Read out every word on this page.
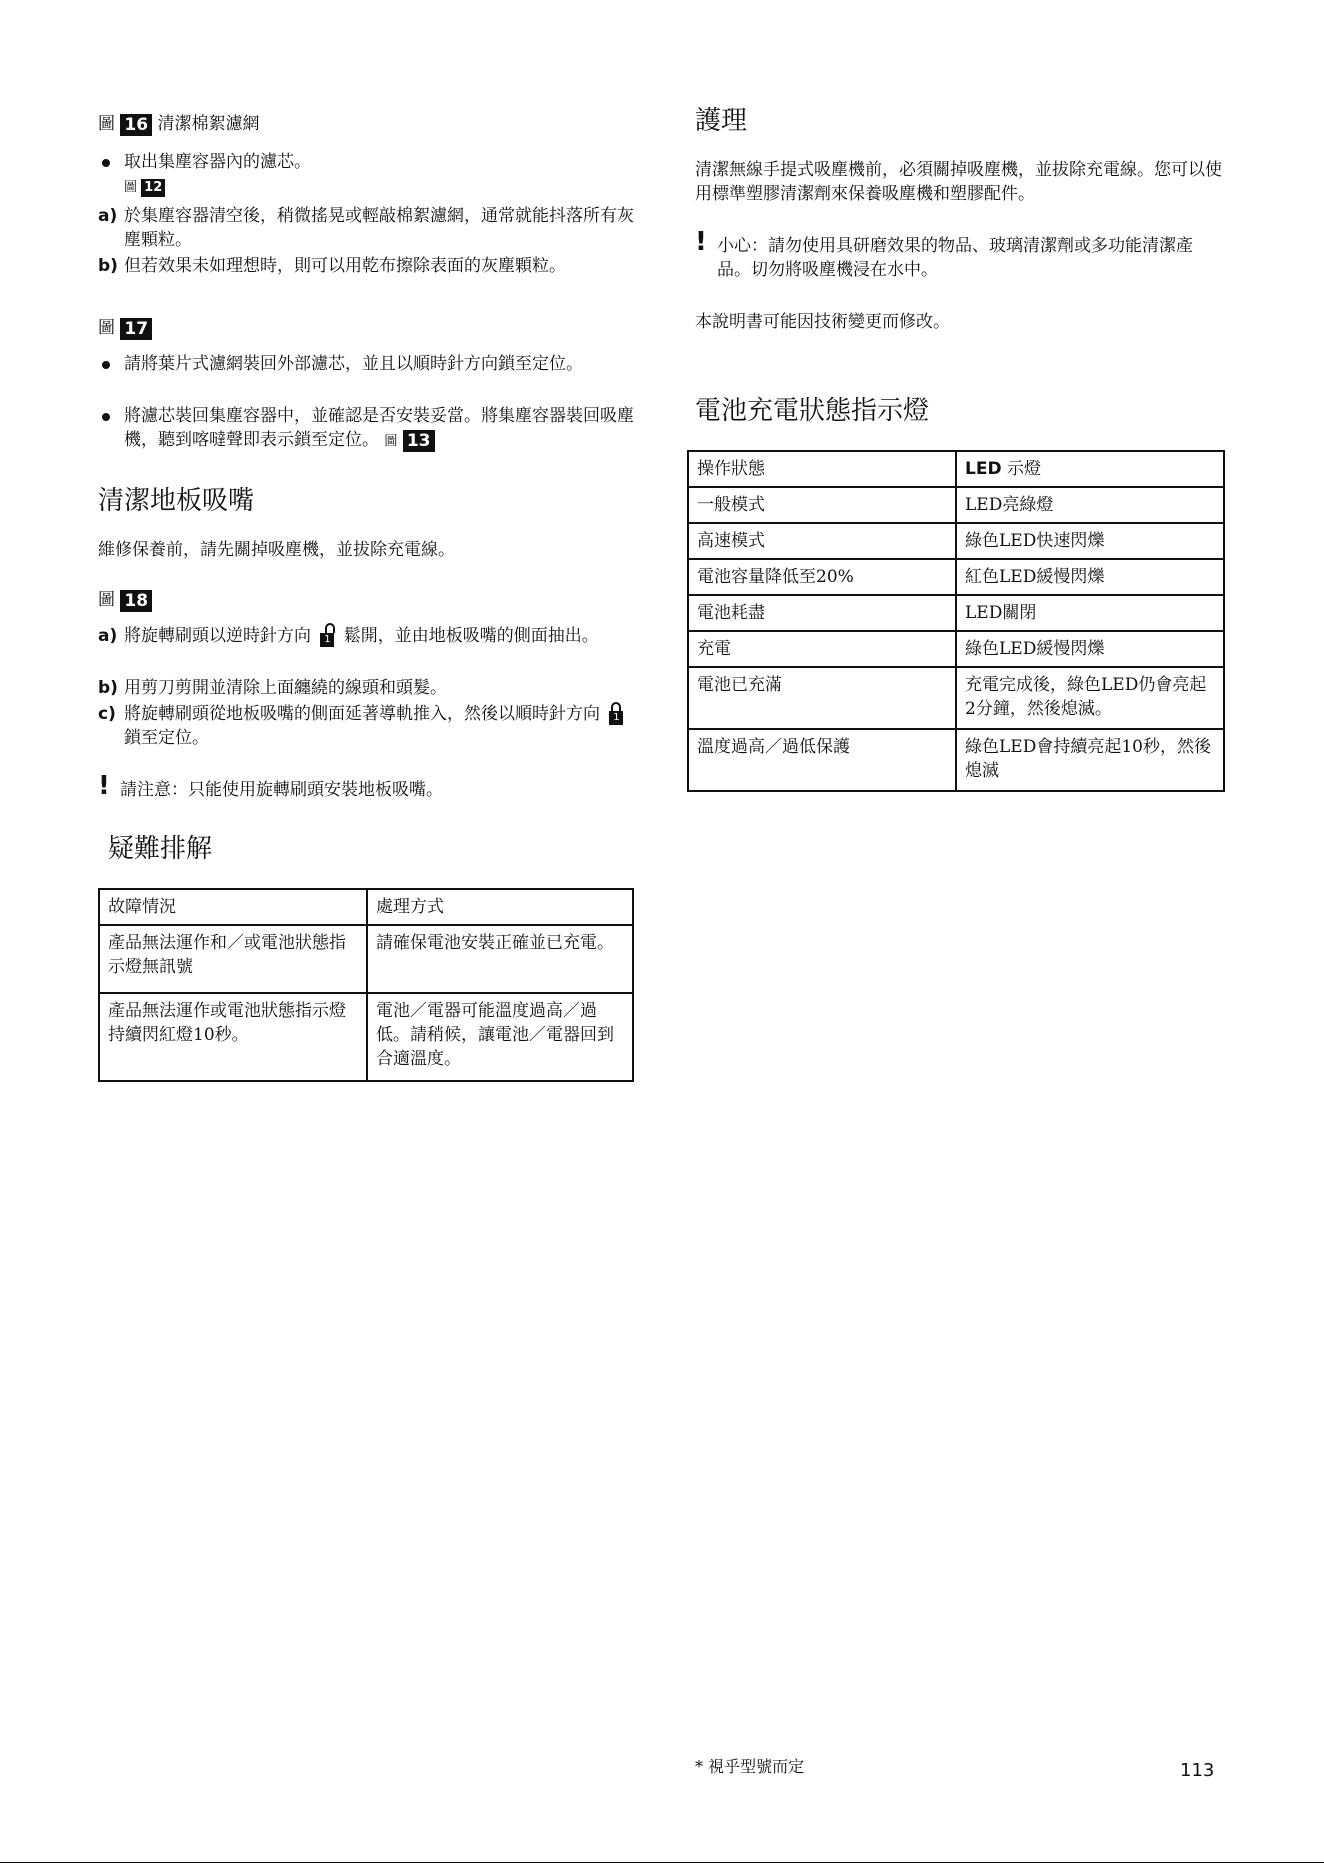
圖 16 清潔棉絮濾網
取出集塵容器內的濾芯。
圖 12
a) 於集塵容器清空後，稍微搖晃或輕敲棉絮濾網，通常就能抖落所有灰塵顆粒。
b) 但若效果未如理想時，則可以用乾布擦除表面的灰塵顆粒。
圖 17
請將葉片式濾網裝回外部濾芯，並且以順時針方向鎖至定位。
將濾芯裝回集塵容器中，並確認是否安裝妥當。將集塵容器裝回吸塵機，聽到喀噠聲即表示鎖至定位。 圖 13
清潔地板吸嘴
維修保養前，請先關掉吸塵機，並拔除充電線。
圖 18
a) 將旋轉刷頭以逆時針方向 1 鬆開，並由地板吸嘴的側面抽出。
b) 用剪刀剪開並清除上面纏繞的線頭和頭髮。
c) 將旋轉刷頭從地板吸嘴的側面延著導軌推入，然後以順時針方向 1 鎖至定位。
! 請注意：只能使用旋轉刷頭安裝地板吸嘴。
疑難排解
故障情況	處理方式
產品無法運作和／或電池狀態指示燈無訊號	請確保電池安裝正確並已充電。
產品無法運作或電池狀態指示燈持續閃紅燈10秒。	電池／電器可能溫度過高／過低。請稍候，讓電池／電器回到合適溫度。
護理
清潔無線手提式吸塵機前，必須關掉吸塵機，並拔除充電線。您可以使用標準塑膠清潔劑來保養吸塵機和塑膠配件。
! 小心：請勿使用具研磨效果的物品、玻璃清潔劑或多功能清潔產品。切勿將吸塵機浸在水中。
本說明書可能因技術變更而修改。
電池充電狀態指示燈
操作狀態	LED 示燈
一般模式	LED亮綠燈
高速模式	綠色LED快速閃爍
電池容量降低至20%	紅色LED緩慢閃爍
電池耗盡	LED關閉
充電	綠色LED緩慢閃爍
電池已充滿	充電完成後，綠色LED仍會亮起2分鐘，然後熄滅。
溫度過高／過低保護	綠色LED會持續亮起10秒，然後熄滅
* 視乎型號而定	113
